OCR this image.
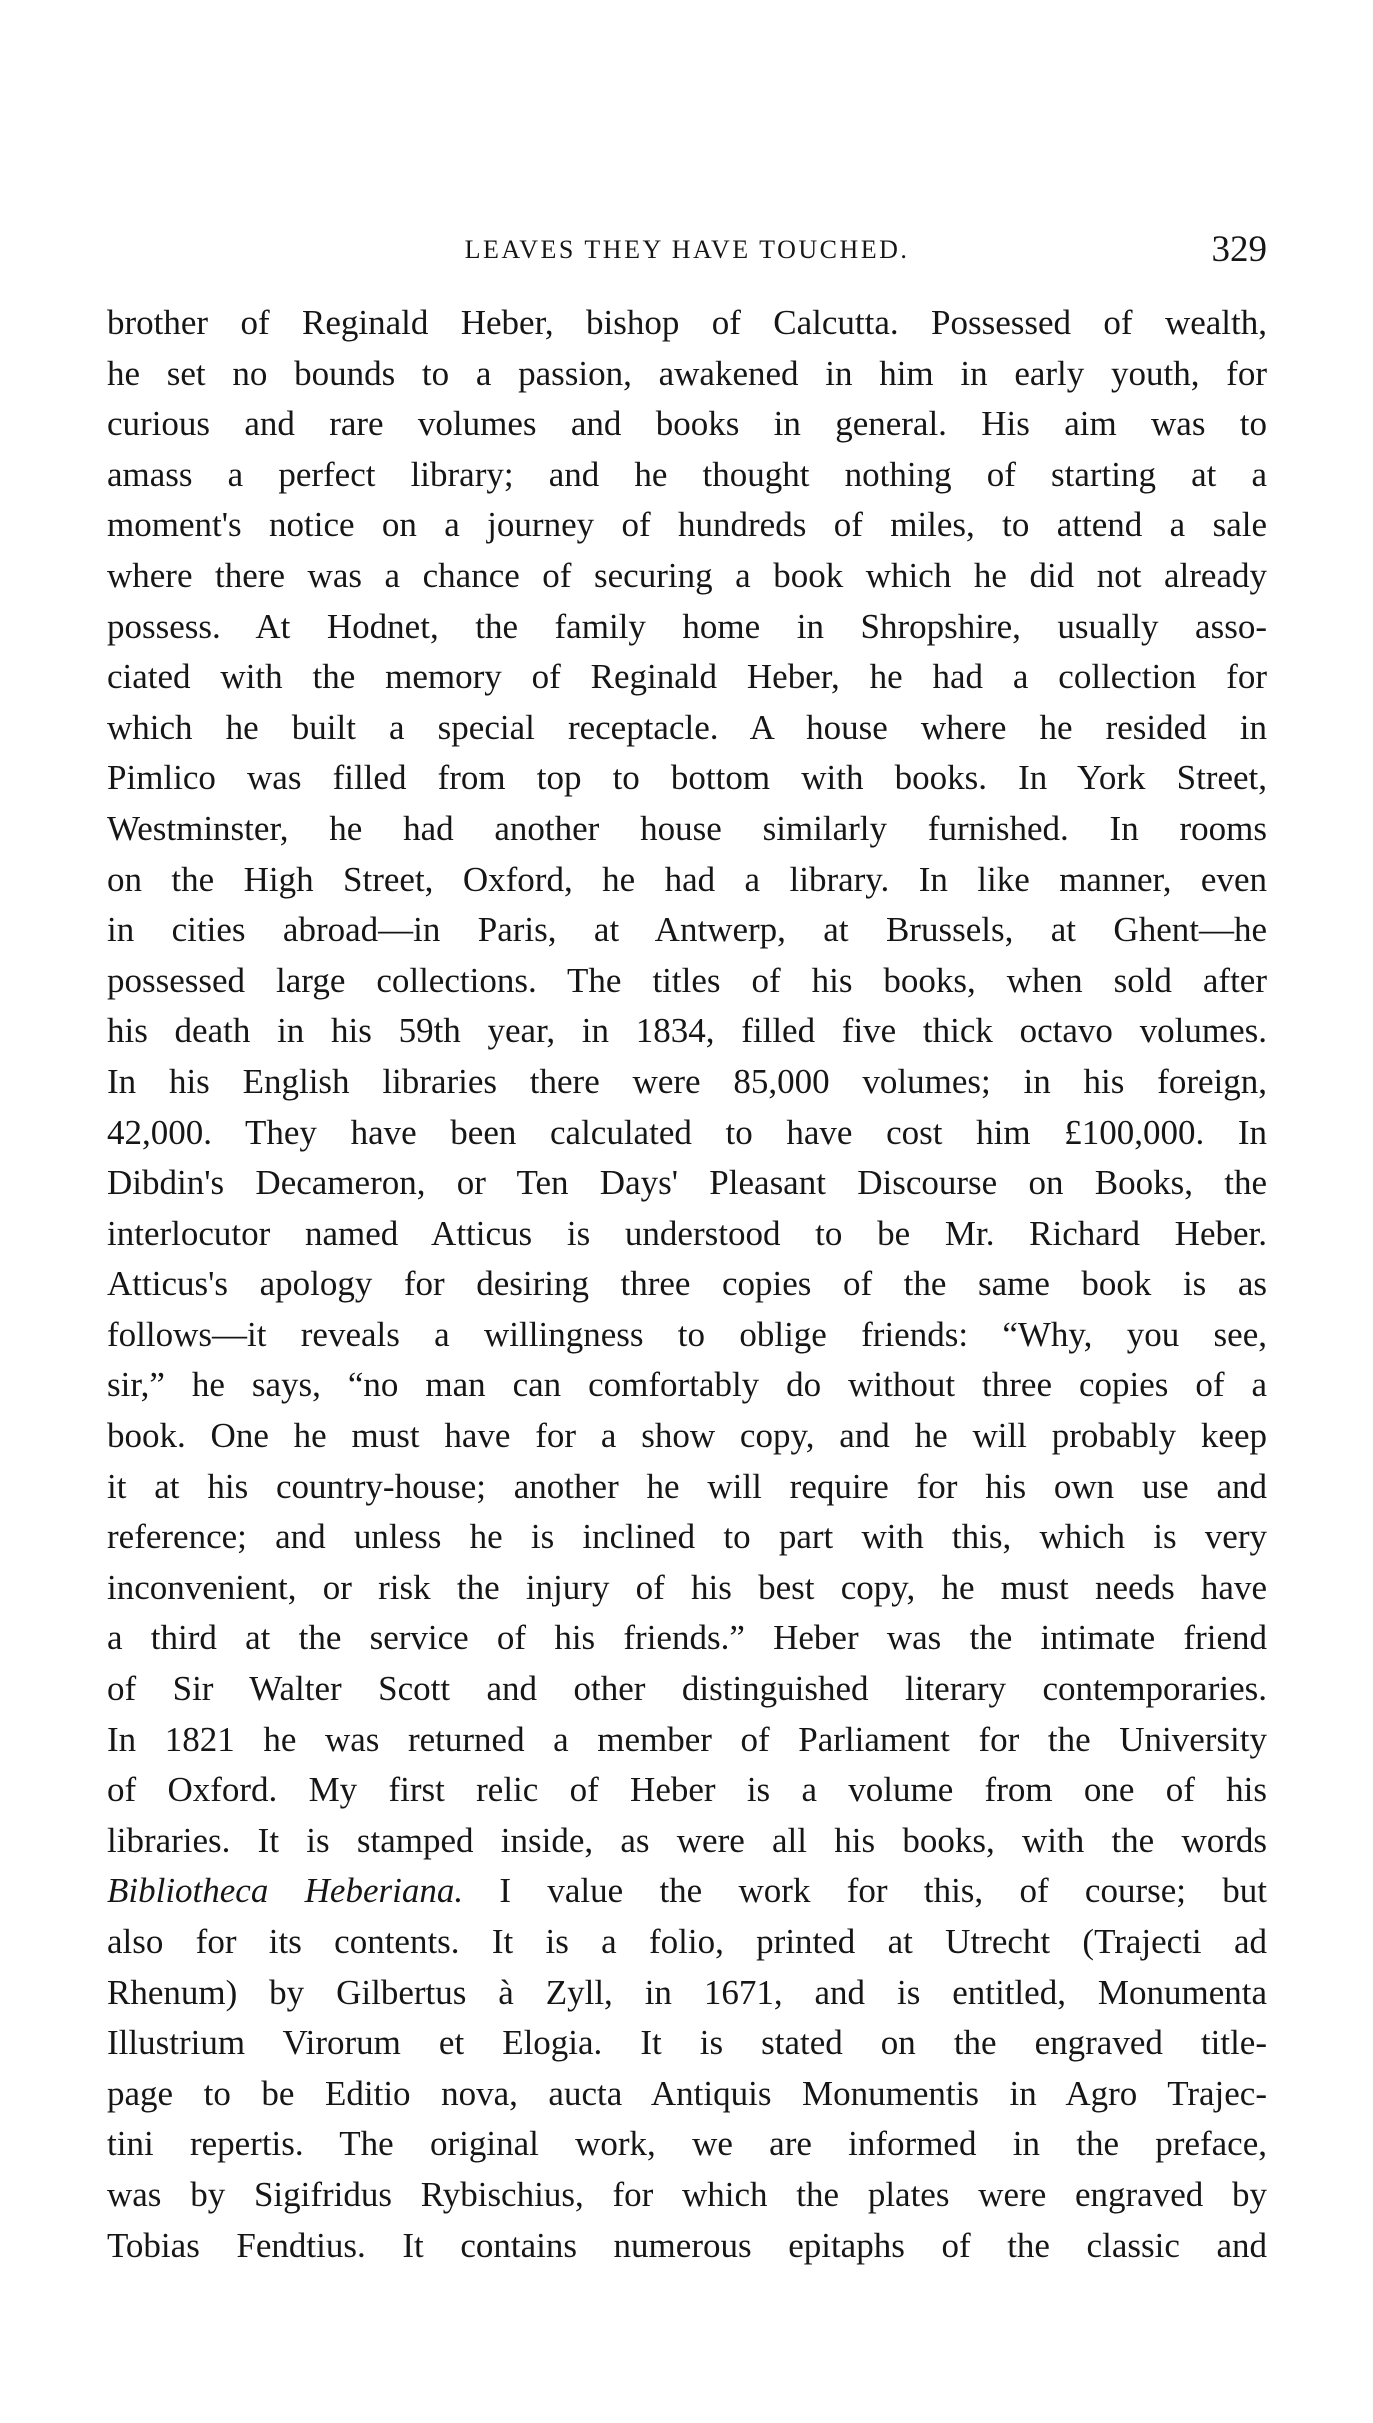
LEAVES THEY HAVE TOUCHED.	329
brother of Reginald Heber, bishop of Calcutta. Possessed of wealth,
he set no bounds to a passion, awakened in him in early youth, for
curious and rare volumes and books in general. His aim was to
amass a perfect library; and he thought nothing of starting at a
moment's notice on a journey of hundreds of miles, to attend a sale
where there was a chance of securing a book which he did not already
possess. At Hodnet, the family home in Shropshire, usually asso-
ciated with the memory of Reginald Heber, he had a collection for
which he built a special receptacle. A house where he resided in
Pimlico was filled from top to bottom with books. In York Street,
Westminster, he had another house similarly furnished. In rooms
on the High Street, Oxford, he had a library. In like manner, even
in cities abroad—in Paris, at Antwerp, at Brussels, at Ghent—he
possessed large collections. The titles of his books, when sold after
his death in his 59th year, in 1834, filled five thick octavo volumes.
In his English libraries there were 85,000 volumes; in his foreign,
42,000. They have been calculated to have cost him £100,000. In
Dibdin's Decameron, or Ten Days' Pleasant Discourse on Books, the
interlocutor named Atticus is understood to be Mr. Richard Heber.
Atticus's apology for desiring three copies of the same book is as
follows—it reveals a willingness to oblige friends: “Why, you see,
sir,” he says, “no man can comfortably do without three copies of a
book. One he must have for a show copy, and he will probably keep
it at his country-house; another he will require for his own use and
reference; and unless he is inclined to part with this, which is very
inconvenient, or risk the injury of his best copy, he must needs have
a third at the service of his friends.” Heber was the intimate friend
of Sir Walter Scott and other distinguished literary contemporaries.
In 1821 he was returned a member of Parliament for the University
of Oxford. My first relic of Heber is a volume from one of his
libraries. It is stamped inside, as were all his books, with the words
Bibliotheca Heberiana. I value the work for this, of course; but
also for its contents. It is a folio, printed at Utrecht (Trajecti ad
Rhenum) by Gilbertus à Zyll, in 1671, and is entitled, Monumenta
Illustrium Virorum et Elogia. It is stated on the engraved title-
page to be Editio nova, aucta Antiquis Monumentis in Agro Trajec-
tini repertis. The original work, we are informed in the preface,
was by Sigifridus Rybischius, for which the plates were engraved by
Tobias Fendtius. It contains numerous epitaphs of the classic and
